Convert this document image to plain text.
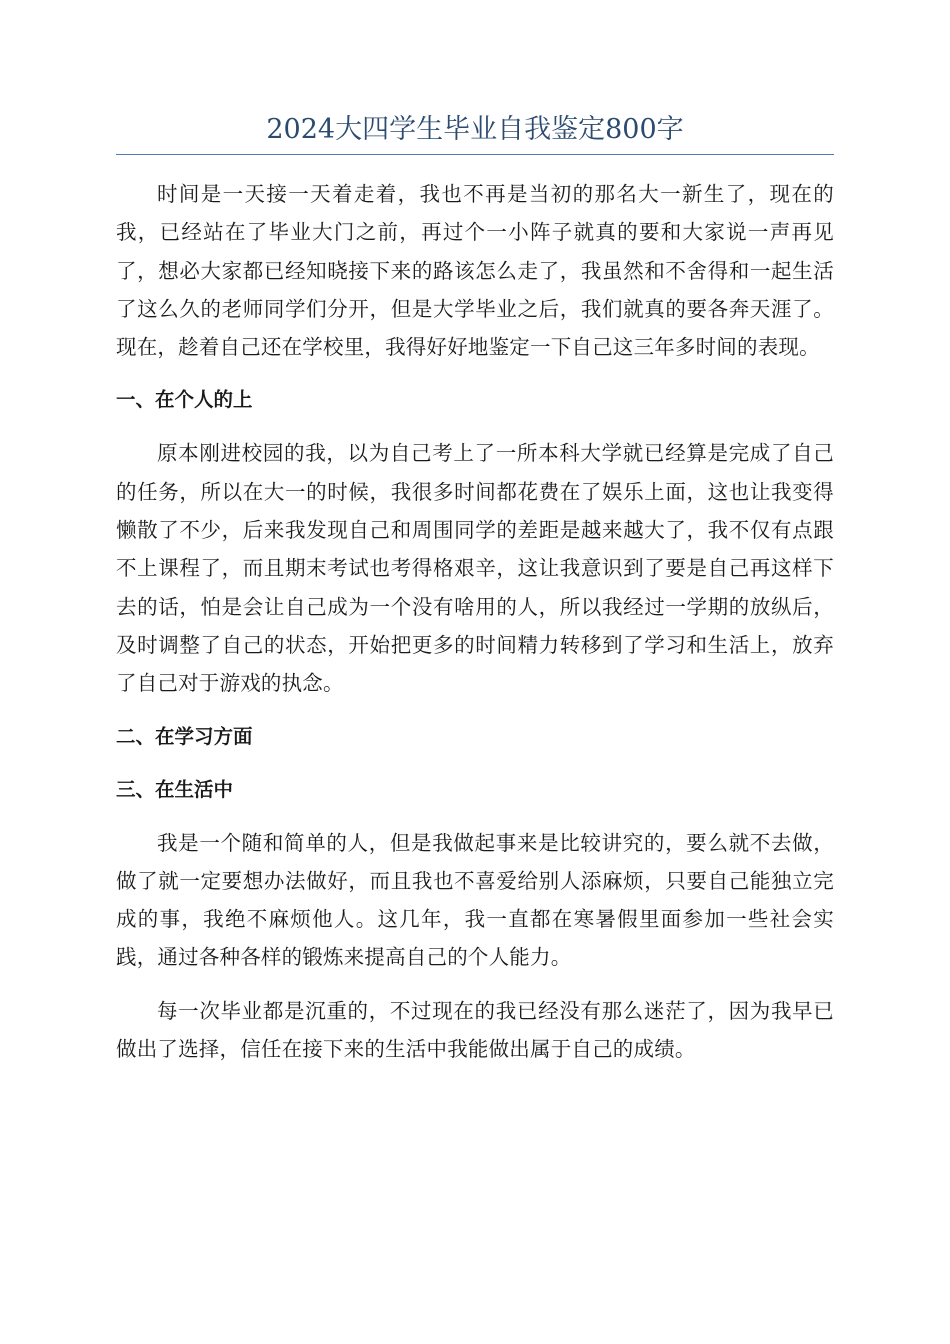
2024大四学生毕业自我鉴定800字

时间是一天接一天着走着，我也不再是当初的那名大一新生了，现在的我，已经站在了毕业大门之前，再过个一小阵子就真的要和大家说一声再见了，想必大家都已经知晓接下来的路该怎么走了，我虽然和不舍得和一起生活了这么久的老师同学们分开，但是大学毕业之后，我们就真的要各奔天涯了。现在，趁着自己还在学校里，我得好好地鉴定一下自己这三年多时间的表现。

一、在个人的上

原本刚进校园的我，以为自己考上了一所本科大学就已经算是完成了自己的任务，所以在大一的时候，我很多时间都花费在了娱乐上面，这也让我变得懒散了不少，后来我发现自己和周围同学的差距是越来越大了，我不仅有点跟不上课程了，而且期末考试也考得格艰辛，这让我意识到了要是自己再这样下去的话，怕是会让自己成为一个没有啥用的人，所以我经过一学期的放纵后，及时调整了自己的状态，开始把更多的时间精力转移到了学习和生活上，放弃了自己对于游戏的执念。

二、在学习方面
三、在生活中

我是一个随和简单的人，但是我做起事来是比较讲究的，要么就不去做，做了就一定要想办法做好，而且我也不喜爱给别人添麻烦，只要自己能独立完成的事，我绝不麻烦他人。这几年，我一直都在寒暑假里面参加一些社会实践，通过各种各样的锻炼来提高自己的个人能力。

每一次毕业都是沉重的，不过现在的我已经没有那么迷茫了，因为我早已做出了选择，信任在接下来的生活中我能做出属于自己的成绩。
